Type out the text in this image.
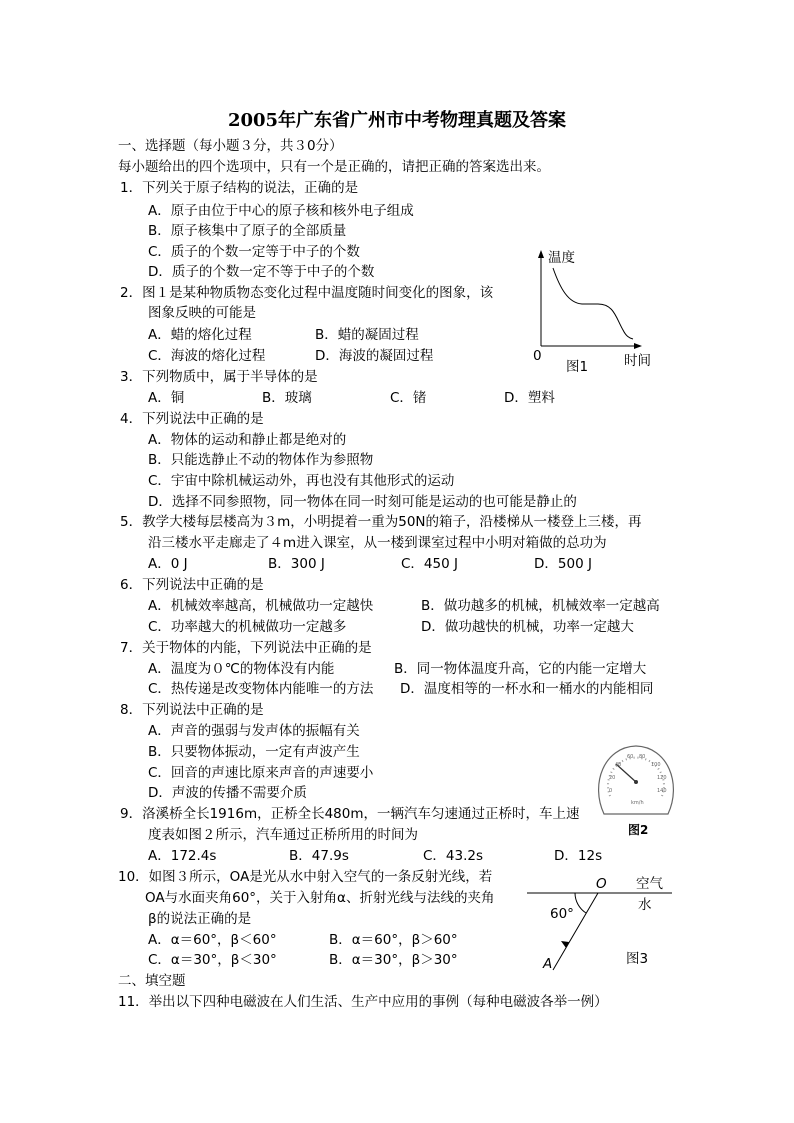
2005年广东省广州市中考物理真题及答案
一、选择题（每小题３分，共３0分）
每小题给出的四个选项中，只有一个是正确的，请把正确的答案选出来。
1．下列关于原子结构的说法，正确的是
A．原子由位于中心的原子核和核外电子组成
B．原子核集中了原子的全部质量
C．质子的个数一定等于中子的个数
D．质子的个数一定不等于中子的个数
2．图１是某种物质物态变化过程中温度随时间变化的图象，该
图象反映的可能是
A．蜡的熔化过程	B．蜡的凝固过程
C．海波的熔化过程	D．海波的凝固过程
温度
0
图1	时间
3．下列物质中，属于半导体的是
A．铜	B．玻璃	C．锗	D．塑料
4．下列说法中正确的是
A．物体的运动和静止都是绝对的
B．只能选静止不动的物体作为参照物
C．宇宙中除机械运动外，再也没有其他形式的运动
D．选择不同参照物，同一物体在同一时刻可能是运动的也可能是静止的
5．教学大楼每层楼高为３m，小明提着一重为50N的箱子，沿楼梯从一楼登上三楼，再
沿三楼水平走廊走了４m进入课室，从一楼到课室过程中小明对箱做的总功为
A．0 J	B．300 J	C．450 J	D．500 J
6．下列说法中正确的是
A．机械效率越高，机械做功一定越快	B．做功越多的机械，机械效率一定越高
C．功率越大的机械做功一定越多	D．做功越快的机械，功率一定越大
7．关于物体的内能，下列说法中正确的是
A．温度为０℃的物体没有内能	B．同一物体温度升高，它的内能一定增大
C．热传递是改变物体内能唯一的方法 D．温度相等的一杯水和一桶水的内能相同
8．下列说法中正确的是
A．声音的强弱与发声体的振幅有关
B．只要物体振动，一定有声波产生
C．回音的声速比原来声音的声速要小
D．声波的传播不需要介质	0
20
40
60 80
100
120
140
km/h
图2
9．洛溪桥全长1916m，正桥全长480m，一辆汽车匀速通过正桥时，车上速
度表如图２所示，汽车通过正桥所用的时间为
A．172.4s	B．47.9s	C．43.2s	D．12s
10．如图３所示，OA是光从水中射入空气的一条反射光线，若
OA与水面夹角60°，关于入射角α、折射光线与法线的夹角
β的说法正确的是
A．α＝60°，β＜60°	B．α＝60°，β＞60°
C．α＝30°，β＜30°	B．α＝30°，β＞30°
O 空气
水
60°
A	图3
二、填空题
11．举出以下四种电磁波在人们生活、生产中应用的事例（每种电磁波各举一例）
